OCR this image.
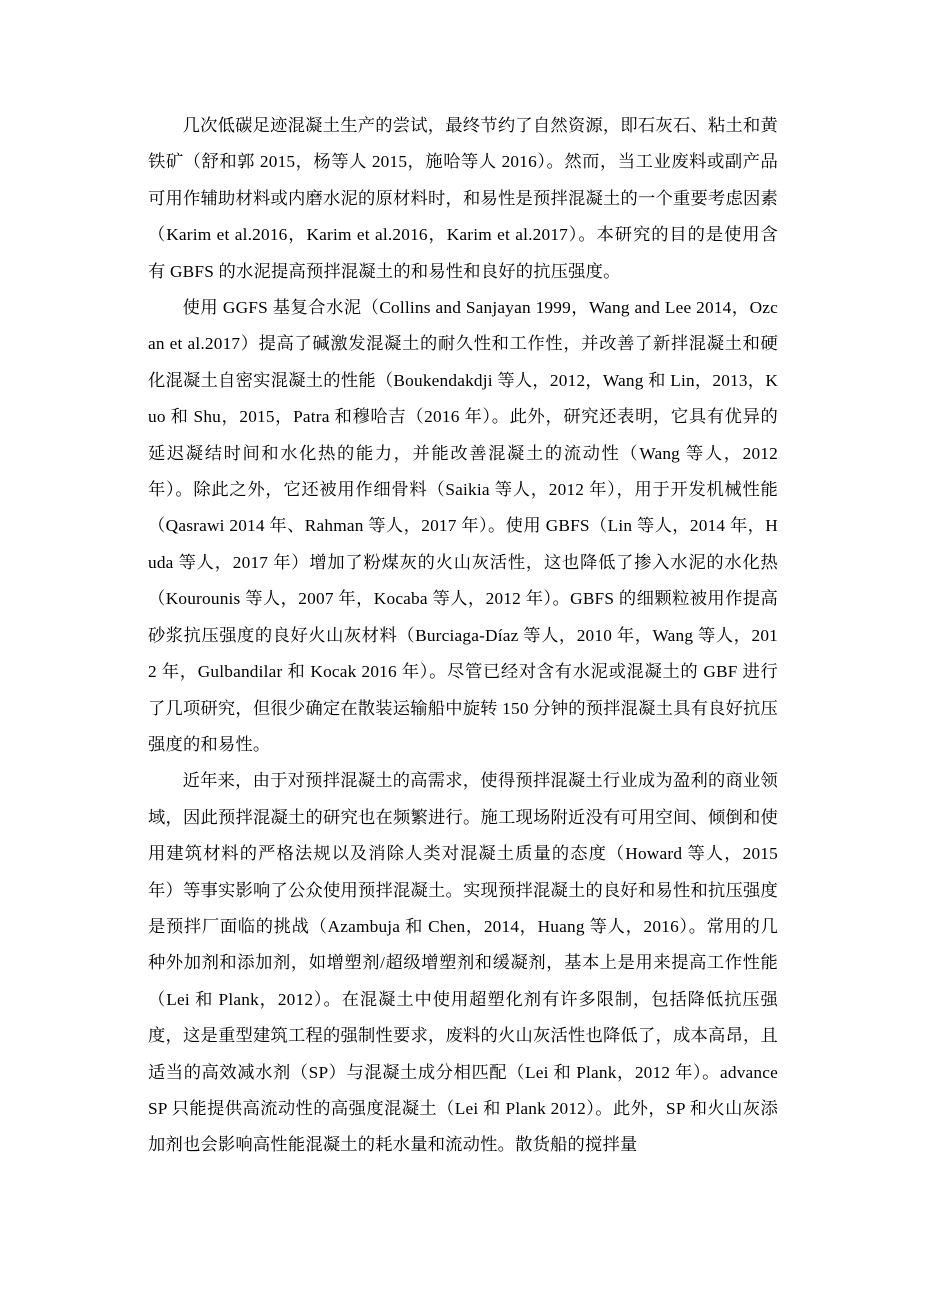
几次低碳足迹混凝土生产的尝试，最终节约了自然资源，即石灰石、粘土和黄铁矿（舒和郭 2015，杨等人 2015，施哈等人 2016）。然而，当工业废料或副产品可用作辅助材料或内磨水泥的原材料时，和易性是预拌混凝土的一个重要考虑因素（Karim et al.2016，Karim et al.2016，Karim et al.2017）。本研究的目的是使用含有 GBFS 的水泥提高预拌混凝土的和易性和良好的抗压强度。

使用 GGFS 基复合水泥（Collins and Sanjayan 1999，Wang and Lee 2014，Ozcan et al.2017）提高了碱激发混凝土的耐久性和工作性，并改善了新拌混凝土和硬化混凝土自密实混凝土的性能（Boukendakdji 等人，2012，Wang 和 Lin，2013，Kuo 和 Shu，2015，Patra 和穆哈吉（2016 年）。此外，研究还表明，它具有优异的延迟凝结时间和水化热的能力，并能改善混凝土的流动性（Wang 等人，2012 年）。除此之外，它还被用作细骨料（Saikia 等人，2012 年），用于开发机械性能（Qasrawi 2014 年、Rahman 等人，2017 年）。使用 GBFS（Lin 等人，2014 年，Huda 等人，2017 年）增加了粉煤灰的火山灰活性，这也降低了掺入水泥的水化热（Kourounis 等人，2007 年，Kocaba 等人，2012 年）。GBFS 的细颗粒被用作提高砂浆抗压强度的良好火山灰材料（Burciaga‑Díaz 等人，2010 年，Wang 等人，2012 年，Gulbandilar 和 Kocak 2016 年）。尽管已经对含有水泥或混凝土的 GBF 进行了几项研究，但很少确定在散装运输船中旋转 150 分钟的预拌混凝土具有良好抗压强度的和易性。

近年来，由于对预拌混凝土的高需求，使得预拌混凝土行业成为盈利的商业领域，因此预拌混凝土的研究也在频繁进行。施工现场附近没有可用空间、倾倒和使用建筑材料的严格法规以及消除人类对混凝土质量的态度（Howard 等人，2015 年）等事实影响了公众使用预拌混凝土。实现预拌混凝土的良好和易性和抗压强度是预拌厂面临的挑战（Azambuja 和 Chen，2014，Huang 等人，2016）。常用的几种外加剂和添加剂，如增塑剂/超级增塑剂和缓凝剂，基本上是用来提高工作性能（Lei 和 Plank，2012）。在混凝土中使用超塑化剂有许多限制，包括降低抗压强度，这是重型建筑工程的强制性要求，废料的火山灰活性也降低了，成本高昂，且适当的高效减水剂（SP）与混凝土成分相匹配（Lei 和 Plank，2012 年）。advance SP 只能提供高流动性的高强度混凝土（Lei 和 Plank 2012）。此外，SP 和火山灰添加剂也会影响高性能混凝土的耗水量和流动性。散货船的搅拌量
